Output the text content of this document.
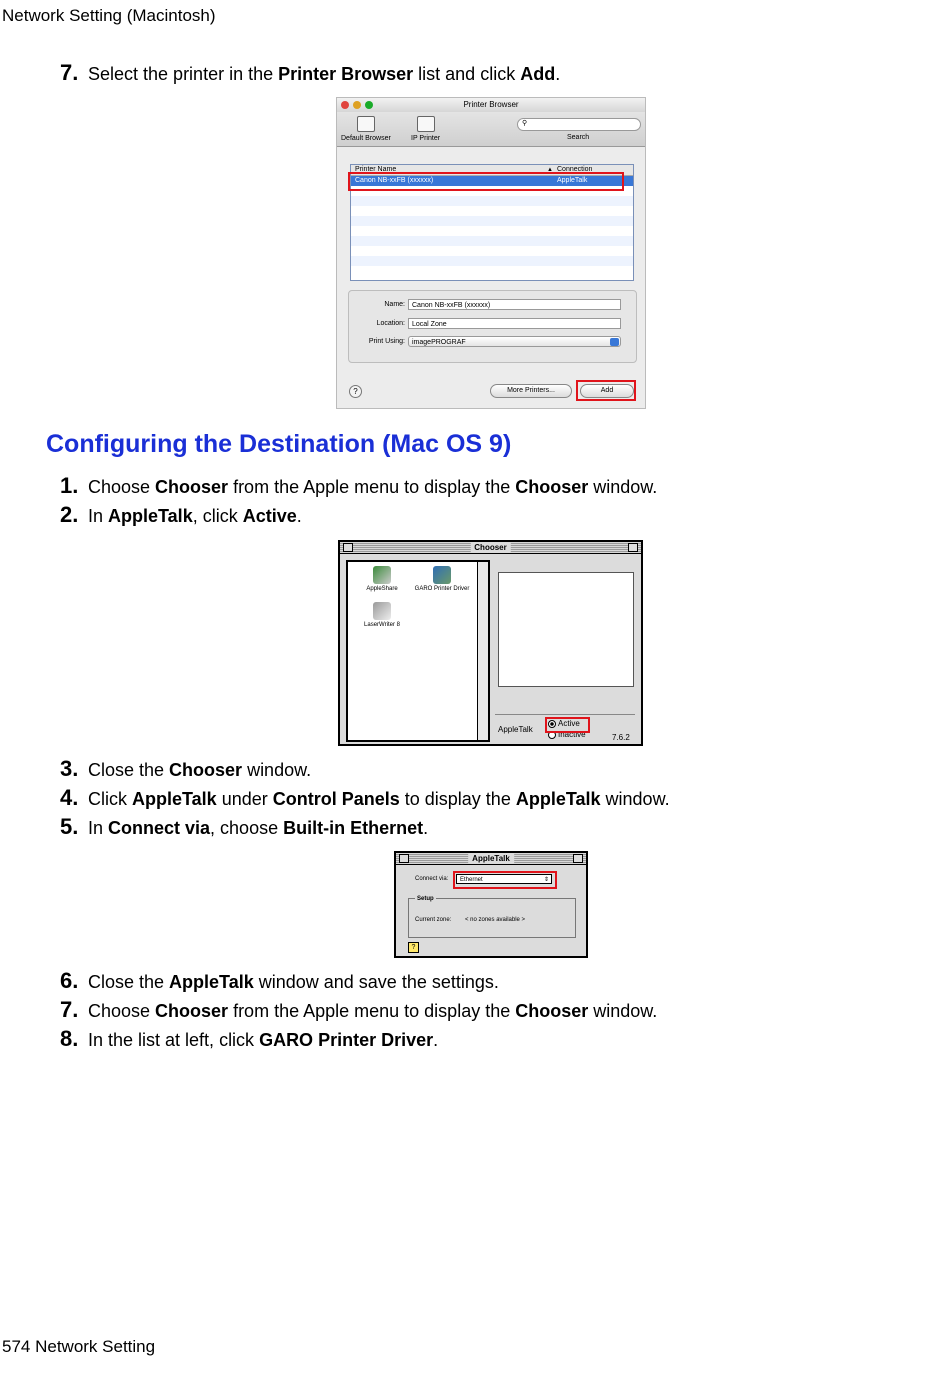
Network Setting (Macintosh)
7. Select the printer in the Printer Browser list and click Add.
Printer Browser
Default Browser	IP Printer
⚲
Search
Printer Name	▲ Connection
Canon NB-xxFB (xxxxxx)	AppleTalk
Name:	Canon NB-xxFB (xxxxxx)
Location:	Local Zone
Print Using:	imagePROGRAF
?	More Printers...	Add
Configuring the Destination (Mac OS 9)
1. Choose Chooser from the Apple menu to display the Chooser window.
2. In AppleTalk, click Active.
Chooser
AppleShare	GARO Printer Driver
LaserWriter 8
AppleTalk
Active
Inactive	7.6.2
3. Close the Chooser window.
4. Click AppleTalk under Control Panels to display the AppleTalk window.
5. In Connect via, choose Built-in Ethernet.
AppleTalk
Connect via:	Ethernet	⇕
Setup
Current zone: < no zones available >
?
6. Close the AppleTalk window and save the settings.
7. Choose Chooser from the Apple menu to display the Chooser window.
8. In the list at left, click GARO Printer Driver.
574 Network Setting
